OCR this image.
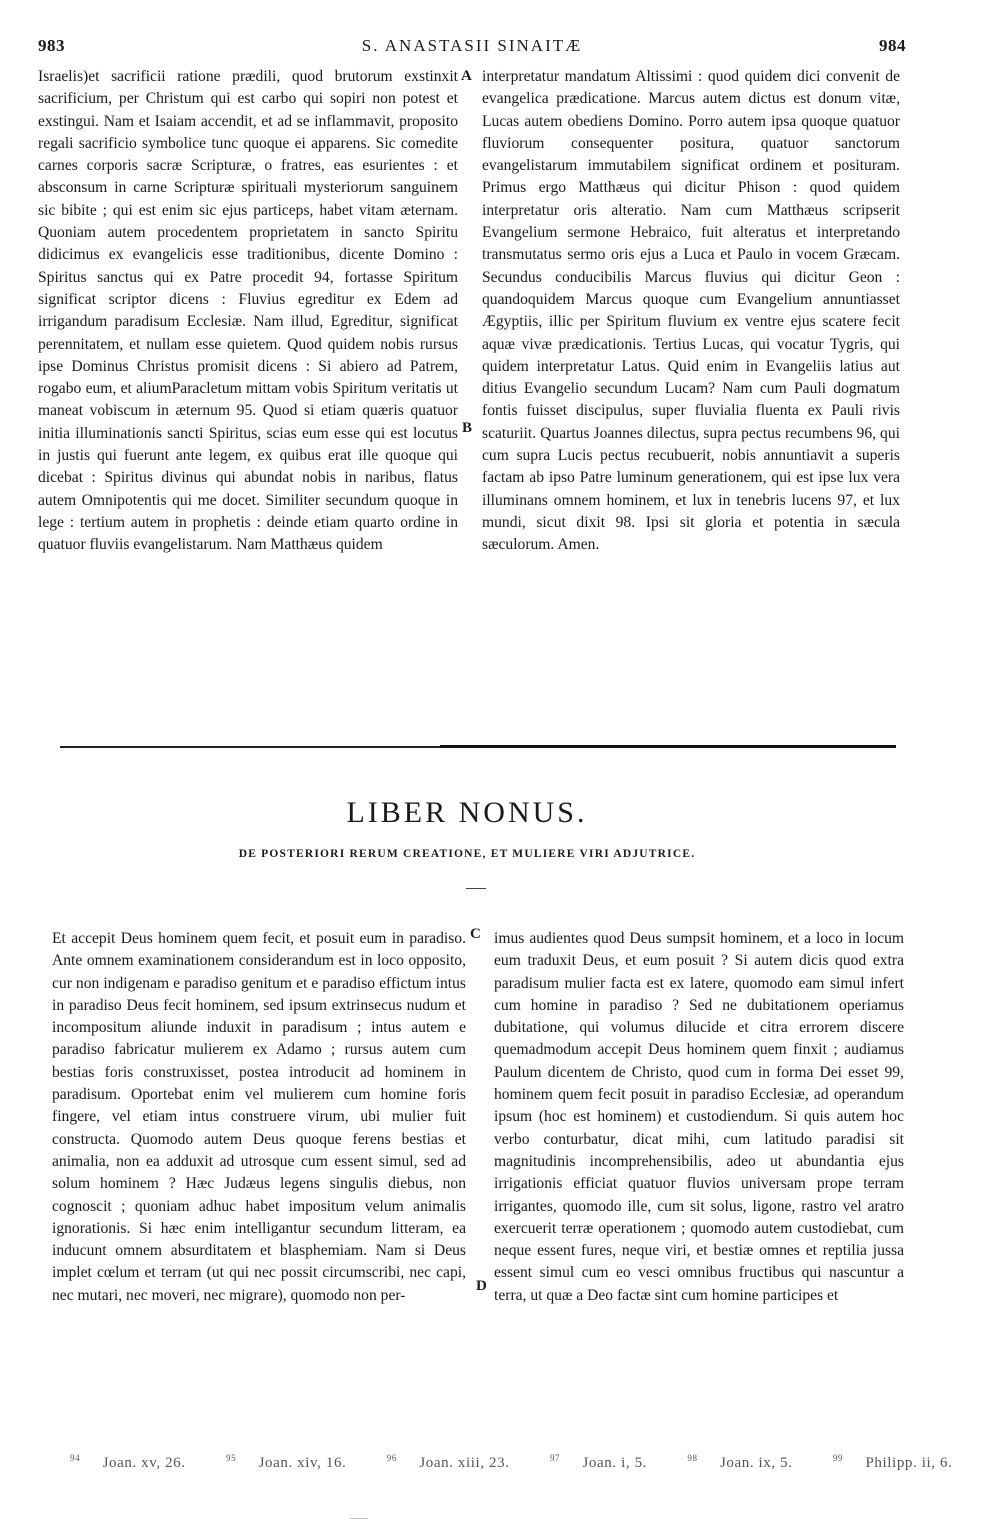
983	S. ANASTASII SINAITÆ	984

Israelis)et sacrificii ratione prædili, quod brutorum exstinxit sacrificium, per Christum qui est carbo qui sopiri non potest et exstingui. Nam et Isaiam accendit, et ad se inflammavit, proposito regali sacrificio symbolice tunc quoque ei apparens. Sic comedite carnes corporis sacræ Scripturæ, o fratres, eas esurientes : et absconsum in carne Scripturæ spirituali mysteriorum sanguinem sic bibite ; qui est enim sic ejus particeps, habet vitam æternam. Quoniam autem procedentem proprietatem in sancto Spiritu didicimus ex evangelicis esse traditionibus, dicente Domino : Spiritus sanctus qui ex Patre procedit 94, fortasse Spiritum significat scriptor dicens : Fluvius egreditur ex Edem ad irrigandum paradisum Ecclesiæ. Nam illud, Egreditur, significat perennitatem, et nullam esse quietem. Quod quidem nobis rursus ipse Dominus Christus promisit dicens : Si abiero ad Patrem, rogabo eum, et aliumParacletum mittam vobis Spiritum veritatis ut maneat vobiscum in æternum 95. Quod si etiam quæris quatuor initia illuminationis sancti Spiritus, scias eum esse qui est locutus in justis qui fuerunt ante legem, ex quibus erat ille quoque qui dicebat : Spiritus divinus qui abundat nobis in naribus, flatus autem Omnipotentis qui me docet. Similiter secundum quoque in lege : tertium autem in prophetis : deinde etiam quarto ordine in quatuor fluviis evangelistarum. Nam Matthæus quidem

A
B

interpretatur mandatum Altissimi : quod quidem dici convenit de evangelica prædicatione. Marcus autem dictus est donum vitæ, Lucas autem obediens Domino. Porro autem ipsa quoque quatuor fluviorum consequenter positura, quatuor sanctorum evangelistarum immutabilem significat ordinem et posituram. Primus ergo Matthæus qui dicitur Phison : quod quidem interpretatur oris alteratio. Nam cum Matthæus scripserit Evangelium sermone Hebraico, fuit alteratus et interpretando transmutatus sermo oris ejus a Luca et Paulo in vocem Græcam. Secundus conducibilis Marcus fluvius qui dicitur Geon : quandoquidem Marcus quoque cum Evangelium annuntiasset Ægyptiis, illic per Spiritum fluvium ex ventre ejus scatere fecit aquæ vivæ prædicationis. Tertius Lucas, qui vocatur Tygris, qui quidem interpretatur Latus. Quid enim in Evangeliis latius aut ditius Evangelio secundum Lucam? Nam cum Pauli dogmatum fontis fuisset discipulus, super fluvialia fluenta ex Pauli rivis scaturiit. Quartus Joannes dilectus, supra pectus recumbens 96, qui cum supra Lucis pectus recubuerit, nobis annuntiavit a superis factam ab ipso Patre luminum generationem, qui est ipse lux vera illuminans omnem hominem, et lux in tenebris lucens 97, et lux mundi, sicut dixit 98. Ipsi sit gloria et potentia in sæcula sæculorum. Amen.

LIBER NONUS.
DE POSTERIORI RERUM CREATIONE, ET MULIERE VIRI ADJUTRICE.

Et accepit Deus hominem quem fecit, et posuit eum in paradiso. Ante omnem examinationem considerandum est in loco opposito, cur non indigenam e paradiso genitum et e paradiso effictum intus in paradiso Deus fecit hominem, sed ipsum extrinsecus nudum et incompositum aliunde induxit in paradisum ; intus autem e paradiso fabricatur mulierem ex Adamo ; rursus autem cum bestias foris construxisset, postea introducit ad hominem in paradisum. Oportebat enim vel mulierem cum homine foris fingere, vel etiam intus construere virum, ubi mulier fuit constructa. Quomodo autem Deus quoque ferens bestias et animalia, non ea adduxit ad utrosque cum essent simul, sed ad solum hominem ? Hæc Judæus legens singulis diebus, non cognoscit ; quoniam adhuc habet impositum velum animalis ignorationis. Si hæc enim intelligantur secundum litteram, ea inducunt omnem absurditatem et blasphemiam. Nam si Deus implet cœlum et terram (ut qui nec possit circumscribi, nec capi, nec mutari, nec moveri, nec migrare), quomodo non per-

C
D

imus audientes quod Deus sumpsit hominem, et a loco in locum eum traduxit Deus, et eum posuit ? Si autem dicis quod extra paradisum mulier facta est ex latere, quomodo eam simul infert cum homine in paradiso ? Sed ne dubitationem operiamus dubitatione, qui volumus dilucide et citra errorem discere quemadmodum accepit Deus hominem quem finxit ; audiamus Paulum dicentem de Christo, quod cum in forma Dei esset 99, hominem quem fecit posuit in paradiso Ecclesiæ, ad operandum ipsum (hoc est hominem) et custodiendum. Si quis autem hoc verbo conturbatur, dicat mihi, cum latitudo paradisi sit magnitudinis incomprehensibilis, adeo ut abundantia ejus irrigationis efficiat quatuor fluvios universam prope terram irrigantes, quomodo ille, cum sit solus, ligone, rastro vel aratro exercuerit terræ operationem ; quomodo autem custodiebat, cum neque essent fures, neque viri, et bestiæ omnes et reptilia jussa essent simul cum eo vesci omnibus fructibus qui nascuntur a terra, ut quæ a Deo factæ sint cum homine participes et

$^{94}$ Joan. xv, 26.	$^{95}$ Joan. xiv, 16.	$^{96}$ Joan. xiii, 23.	$^{97}$ Joan. i, 5.	$^{98}$ Joan. ix, 5.	$^{99}$ Philipp. ii, 6.
